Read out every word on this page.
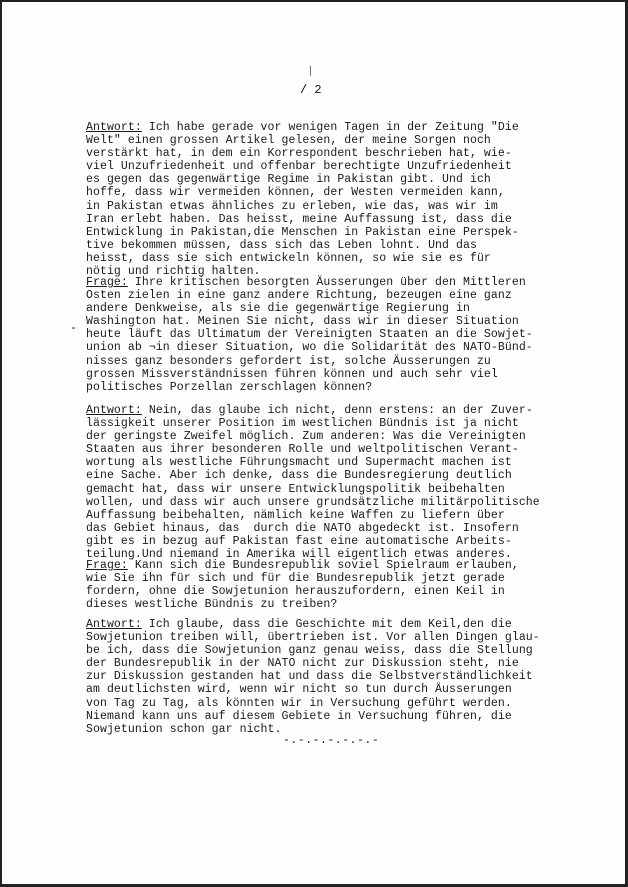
/ 2
Antwort: Ich habe gerade vor wenigen Tagen in der Zeitung "Die
Welt" einen grossen Artikel gelesen, der meine Sorgen noch
verstärkt hat, in dem ein Korrespondent beschrieben hat, wie-
viel Unzufriedenheit und offenbar berechtigte Unzufriedenheit
es gegen das gegenwärtige Regime in Pakistan gibt. Und ich
hoffe, dass wir vermeiden können, der Westen vermeiden kann,
in Pakistan etwas ähnliches zu erleben, wie das, was wir im
Iran erlebt haben. Das heisst, meine Auffassung ist, dass die
Entwicklung in Pakistan,die Menschen in Pakistan eine Perspek-
tive bekommen müssen, dass sich das Leben lohnt. Und das
heisst, dass sie sich entwickeln können, so wie sie es für
nötig und richtig halten.
Frage: Ihre kritischen besorgten Äusserungen über den Mittleren
Osten zielen in eine ganz andere Richtung, bezeugen eine ganz
andere Denkweise, als sie die gegenwärtige Regierung in
Washington hat. Meinen Sie nicht, dass wir in dieser Situation
heute läuft das Ultimatum der Vereinigten Staaten an die Sowjet-
union ab ¬in dieser Situation, wo die Solidarität des NATO-Bünd-
nisses ganz besonders gefordert ist, solche Äusserungen zu
grossen Missverständnissen führen können und auch sehr viel
politisches Porzellan zerschlagen können?
-
Antwort: Nein, das glaube ich nicht, denn erstens: an der Zuver-
lässigkeit unserer Position im westlichen Bündnis ist ja nicht
der geringste Zweifel möglich. Zum anderen: Was die Vereinigten
Staaten aus ihrer besonderen Rolle und weltpolitischen Verant-
wortung als westliche Führungsmacht und Supermacht machen ist
eine Sache. Aber ich denke, dass die Bundesregierung deutlich
gemacht hat, dass wir unsere Entwicklungspolitik beibehalten
wollen, und dass wir auch unsere grundsätzliche militärpolitische
Auffassung beibehalten, nämlich keine Waffen zu liefern über
das Gebiet hinaus, das  durch die NATO abgedeckt ist. Insofern
gibt es in bezug auf Pakistan fast eine automatische Arbeits-
teilung.Und niemand in Amerika will eigentlich etwas anderes.
Frage: Kann sich die Bundesrepublik soviel Spielraum erlauben,
wie Sie ihn für sich und für die Bundesrepublik jetzt gerade
fordern, ohne die Sowjetunion herauszufordern, einen Keil in
dieses westliche Bündnis zu treiben?
Antwort: Ich glaube, dass die Geschichte mit dem Keil,den die
Sowjetunion treiben will, übertrieben ist. Vor allen Dingen glau-
be ich, dass die Sowjetunion ganz genau weiss, dass die Stellung
der Bundesrepublik in der NATO nicht zur Diskussion steht, nie
zur Diskussion gestanden hat und dass die Selbstverständlichkeit
am deutlichsten wird, wenn wir nicht so tun durch Äusserungen
von Tag zu Tag, als könnten wir in Versuchung geführt werden.
Niemand kann uns auf diesem Gebiete in Versuchung führen, die
Sowjetunion schon gar nicht.
-.-.-.-.-.-.-
